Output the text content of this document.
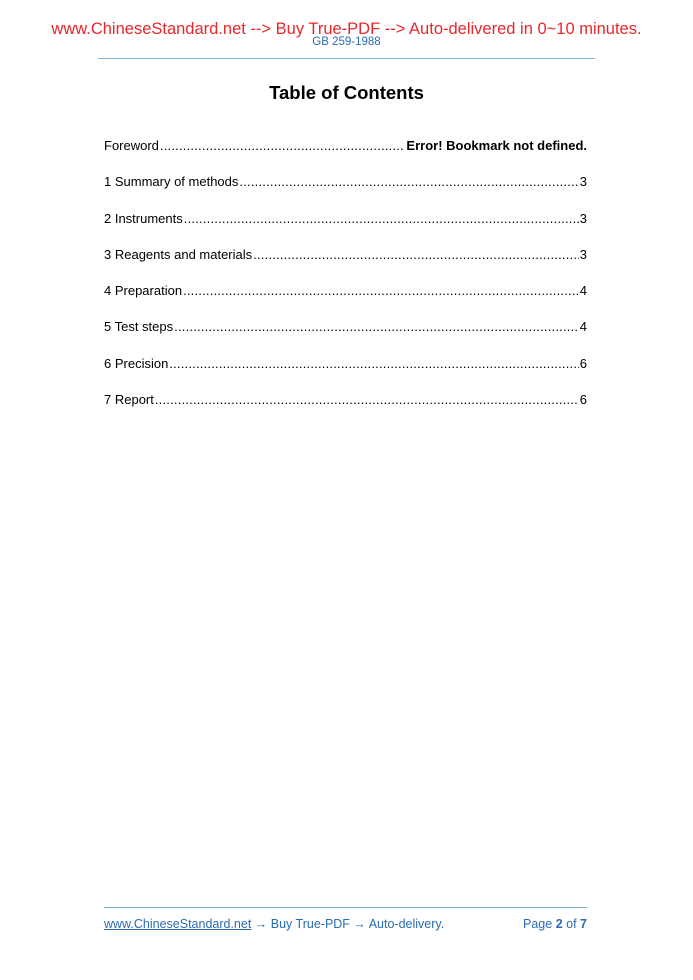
www.ChineseStandard.net --> Buy True-PDF --> Auto-delivered in 0~10 minutes.
GB 259-1988
Table of Contents
Foreword .....	Error! Bookmark not defined.
1 Summary of methods .....	3
2 Instruments .....	3
3 Reagents and materials .....	3
4 Preparation .....	4
5 Test steps .....	4
6 Precision .....	6
7 Report .....	6
www.ChineseStandard.net → Buy True-PDF → Auto-delivery.	Page 2 of 7
